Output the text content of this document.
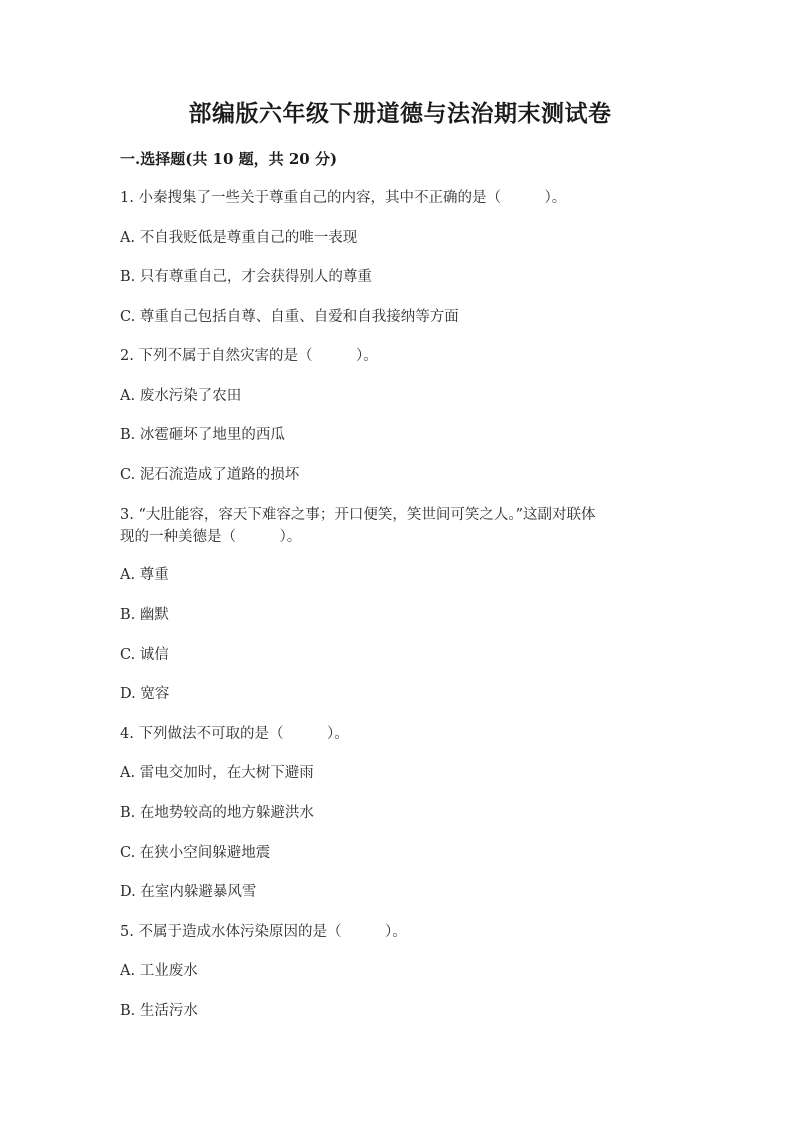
部编版六年级下册道德与法治期末测试卷
一.选择题(共 10 题，共 20 分)
1. 小秦搜集了一些关于尊重自己的内容，其中不正确的是（　　　）。
A. 不自我贬低是尊重自己的唯一表现
B. 只有尊重自己，才会获得别人的尊重
C. 尊重自己包括自尊、自重、自爱和自我接纳等方面
2. 下列不属于自然灾害的是（　　　）。
A. 废水污染了农田
B. 冰雹砸坏了地里的西瓜
C. 泥石流造成了道路的损坏
3. “大肚能容，容天下难容之事；开口便笑，笑世间可笑之人。”这副对联体
现的一种美德是（　　　）。
A. 尊重
B. 幽默
C. 诚信
D. 宽容
4. 下列做法不可取的是（　　　）。
A. 雷电交加时，在大树下避雨
B. 在地势较高的地方躲避洪水
C. 在狭小空间躲避地震
D. 在室内躲避暴风雪
5. 不属于造成水体污染原因的是（　　　）。
A. 工业废水
B. 生活污水
